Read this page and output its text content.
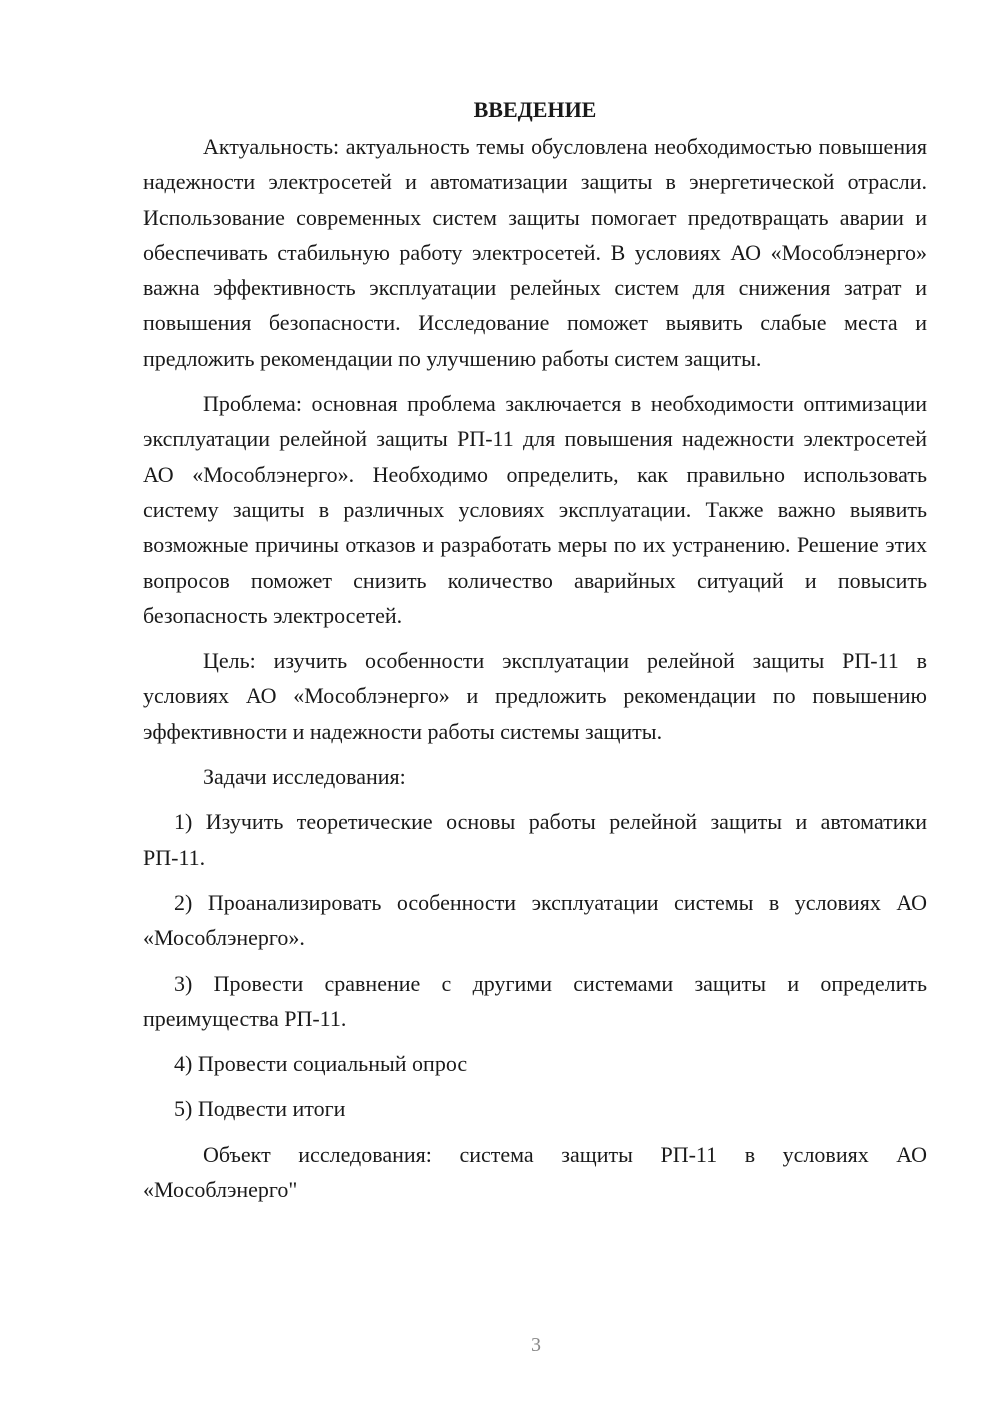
ВВЕДЕНИЕ

Актуальность: актуальность темы обусловлена необходимостью повышения надежности электросетей и автоматизации защиты в энергетической отрасли. Использование современных систем защиты помогает предотвращать аварии и обеспечивать стабильную работу электросетей. В условиях АО «Мособлэнерго» важна эффективность эксплуатации релейных систем для снижения затрат и повышения безопасности. Исследование поможет выявить слабые места и предложить рекомендации по улучшению работы систем защиты.

Проблема: основная проблема заключается в необходимости оптимизации эксплуатации релейной защиты РП-11 для повышения надежности электросетей АО «Мособлэнерго». Необходимо определить, как правильно использовать систему защиты в различных условиях эксплуатации. Также важно выявить возможные причины отказов и разработать меры по их устранению. Решение этих вопросов поможет снизить количество аварийных ситуаций и повысить безопасность электросетей.

Цель: изучить особенности эксплуатации релейной защиты РП-11 в условиях АО «Мособлэнерго» и предложить рекомендации по повышению эффективности и надежности работы системы защиты.

Задачи исследования:

1) Изучить теоретические основы работы релейной защиты и автоматики РП-11.

2) Проанализировать особенности эксплуатации системы в условиях АО «Мособлэнерго».

3) Провести сравнение с другими системами защиты и определить преимущества РП-11.

4) Провести социальный опрос

5) Подвести итоги

Объект исследования: система защиты РП-11 в условиях АО «Мособлэнерго"

3
